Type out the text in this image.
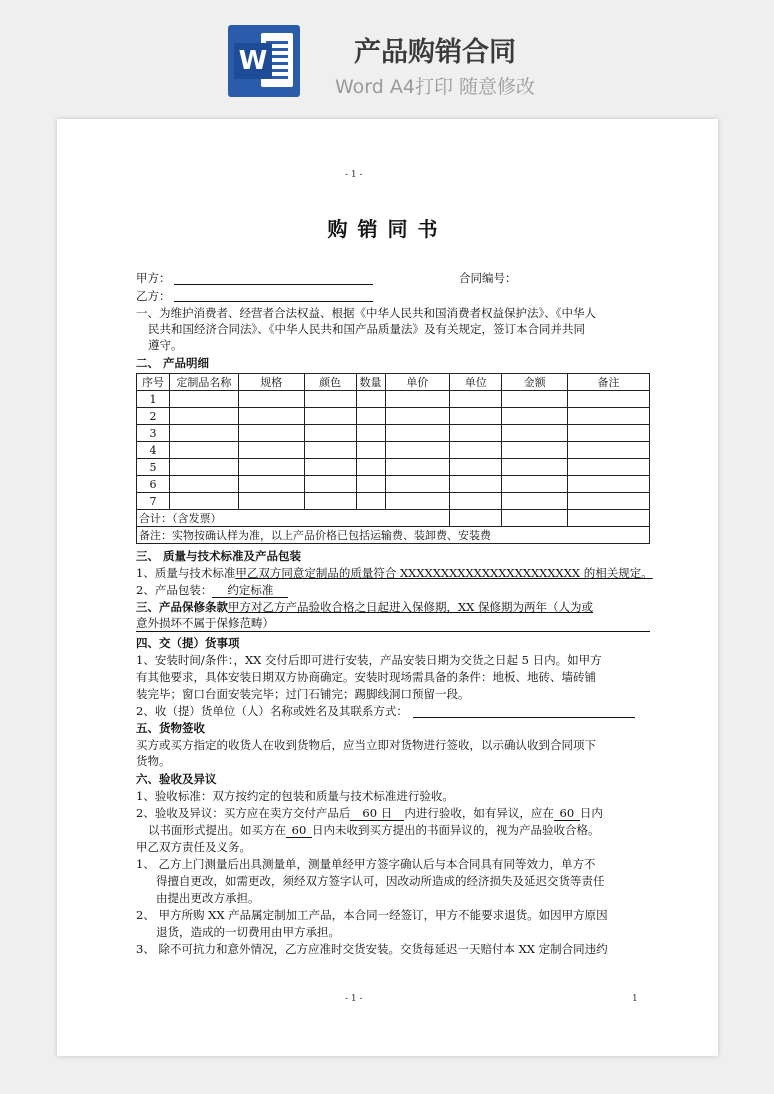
W	产品购销合同
Word A4打印 随意修改
- 1 -
购销同书
甲方：	合同编号：
乙方：
一、为维护消费者、经营者合法权益、根据《中华人民共和国消费者权益保护法》、《中华人
民共和国经济合同法》、《中华人民共和国产品质量法》及有关规定，签订本合同并共同
遵守。
二、 产品明细
序号	定制品名称	规格	颜色	数量	单价	单位	金额	备注
1								
2								
3								
4								
5								
6								
7								
合计：（含发票）								
备注：实物按确认样为准，以上产品价格已包括运输费、装卸费、安装费								
三、 质量与技术标准及产品包装
1、质量与技术标准甲乙双方同意定制品的质量符合 XXXXXXXXXXXXXXXXXXXXXX 的相关规定。
2、产品包装： 约定标准
三、产品保修条款甲方对乙方产品验收合格之日起进入保修期，XX 保修期为两年（人为或
意外损坏不属于保修范畴）
四、交（提）货事项
1、安装时间/条件：，XX 交付后即可进行安装，产品安装日期为交货之日起 5 日内。如甲方
有其他要求，具体安装日期双方协商确定。安装时现场需具备的条件：地板、地砖、墙砖铺
装完毕；窗口台面安装完毕；过门石铺完；踢脚线洞口预留一段。
2、收（提）货单位（人）名称或姓名及其联系方式：
五、货物签收
买方或买方指定的收货人在收到货物后，应当立即对货物进行签收，以示确认收到合同项下
货物。
六、验收及异议
1、验收标准：双方按约定的包装和质量与技术标准进行验收。
2、验收及异议：买方应在卖方交付产品后 60 日 内进行验收，如有异议，应在 60 日内
以书面形式提出。如买方在 60 日内未收到买方提出的书面异议的，视为产品验收合格。
甲乙双方责任及义务。
1、 乙方上门测量后出具测量单，测量单经甲方签字确认后与本合同具有同等效力，单方不
得擅自更改，如需更改，须经双方签字认可，因改动所造成的经济损失及延迟交货等责任
由提出更改方承担。
2、 甲方所购 XX 产品属定制加工产品，本合同一经签订，甲方不能要求退货。如因甲方原因
退货，造成的一切费用由甲方承担。
3、 除不可抗力和意外情况，乙方应准时交货安装。交货每延迟一天赔付本 XX 定制合同违约
- 1 -	1
